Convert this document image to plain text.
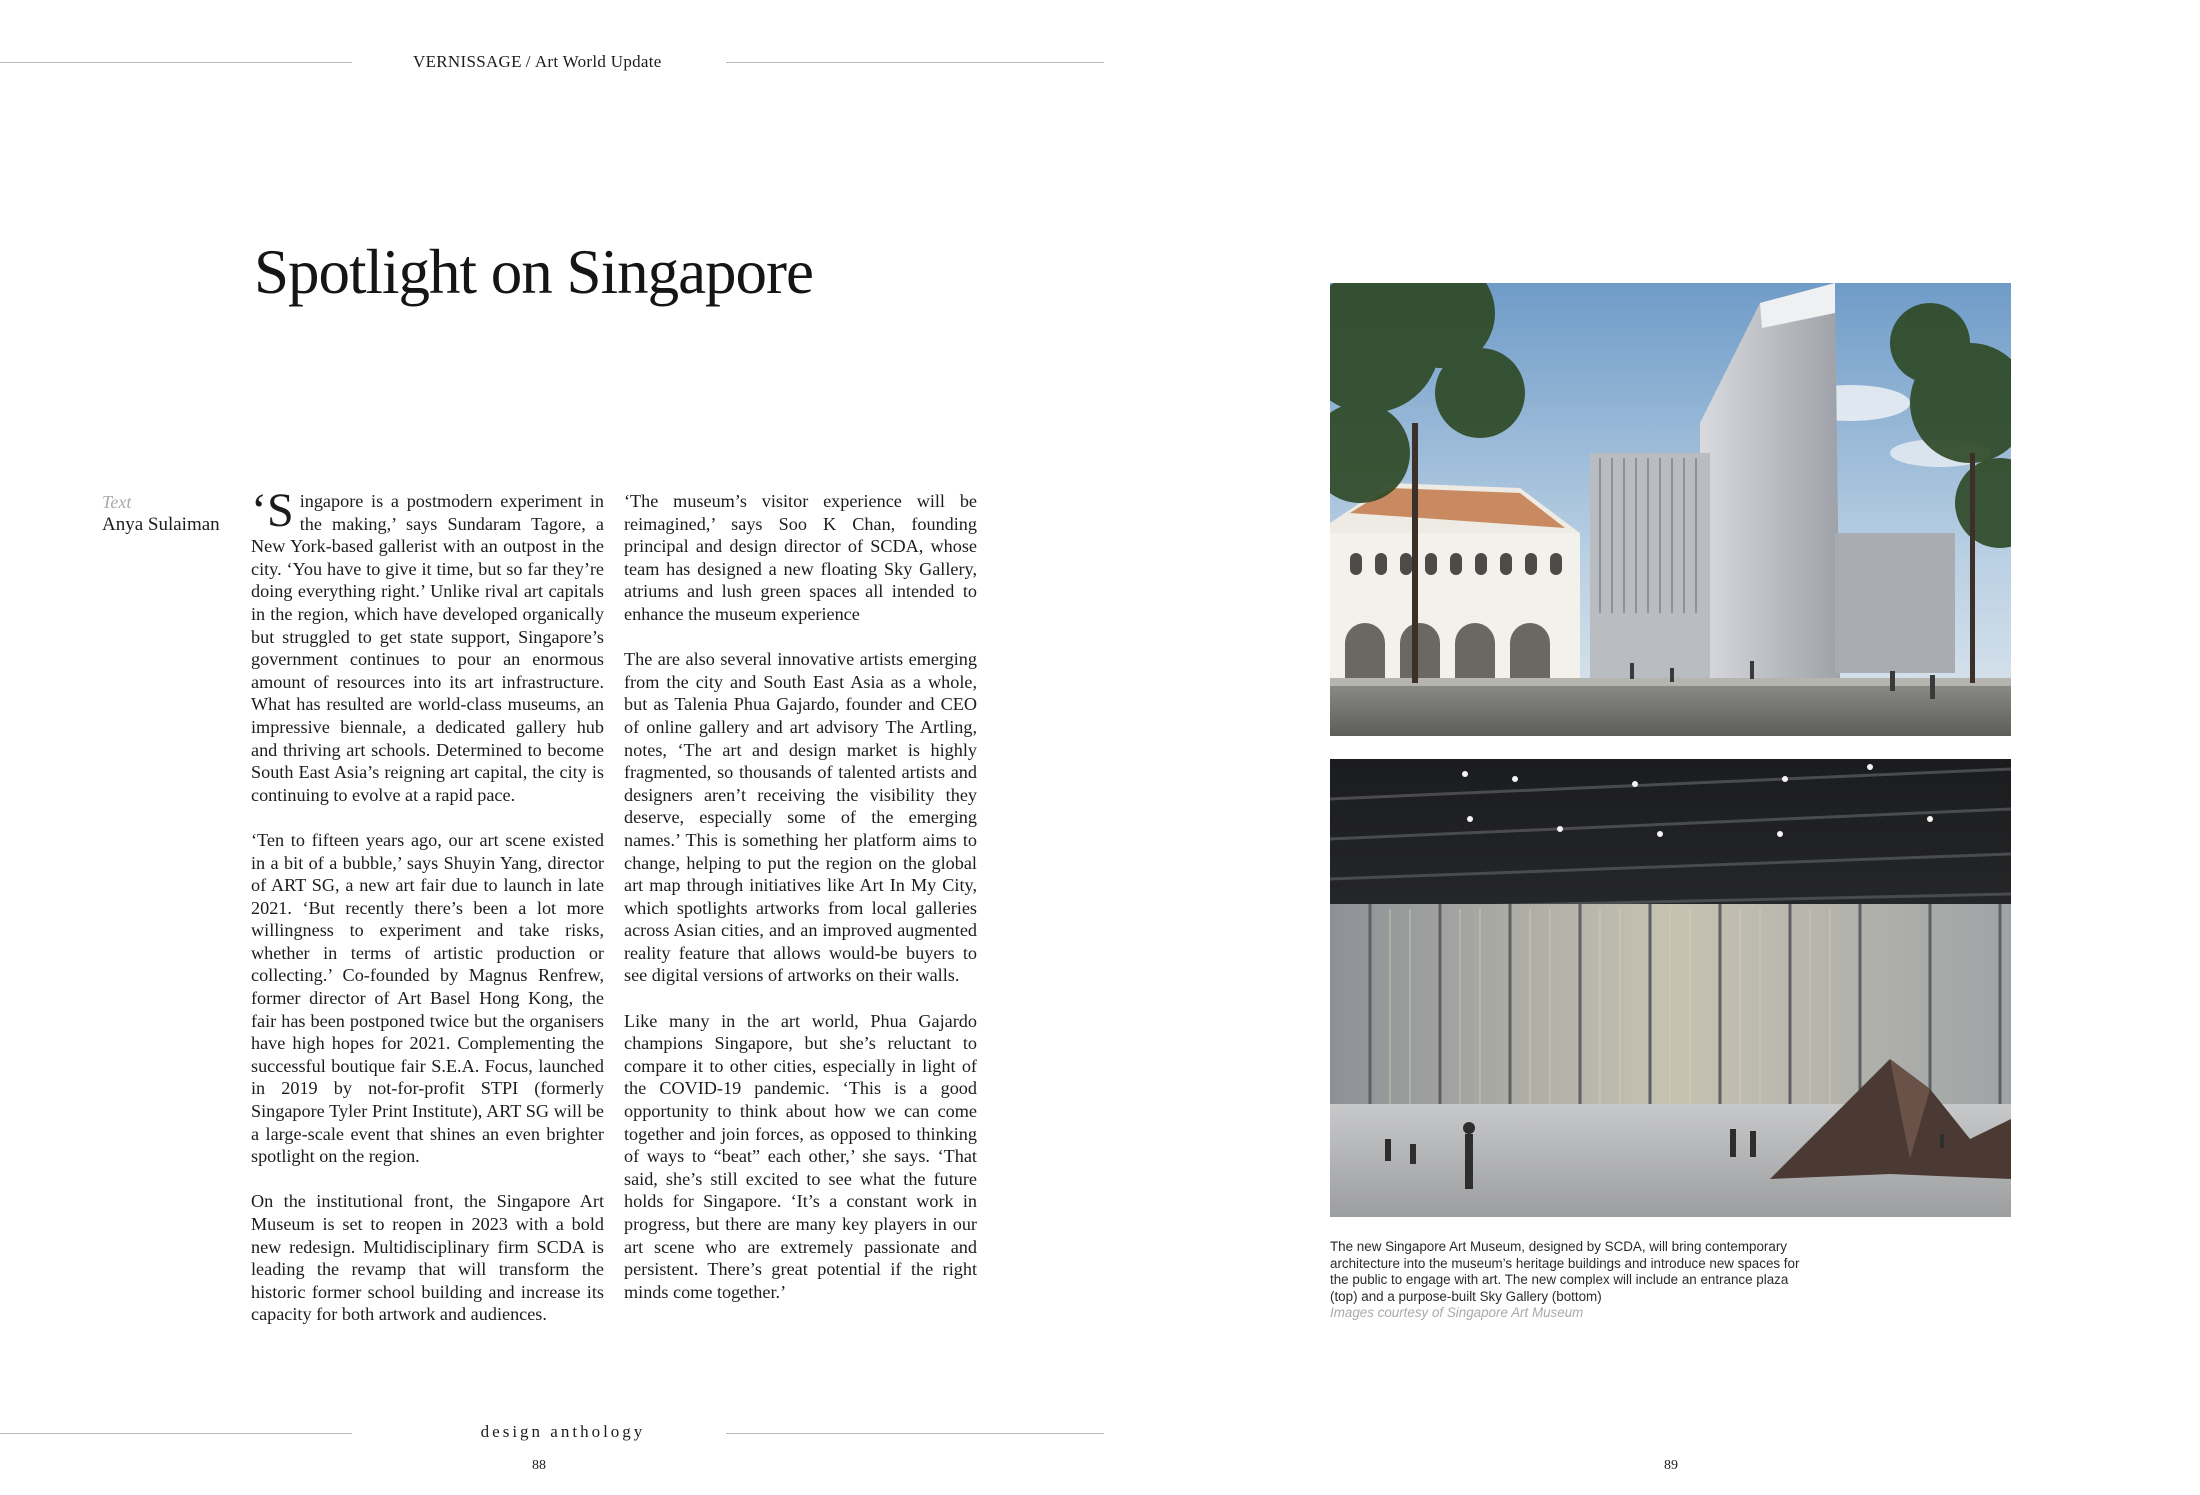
VERNISSAGE / Art World Update
Spotlight on Singapore
Text
Anya Sulaiman ‘Singapore is a postmodern experiment in the making,’ says Sundaram Tagore, a New York-based gallerist with an outpost in the city. ‘You have to give it time, but so far they’re doing everything right.’ Unlike rival art capitals in the region, which have developed organically but struggled to get state support, Singapore’s government continues to pour an enormous amount of resources into its art infrastructure. What has resulted are world-class museums, an impressive biennale, a dedicated gallery hub and thriving art schools. Determined to become South East Asia’s reigning art capital, the city is continuing to evolve at a rapid pace.

‘Ten to fifteen years ago, our art scene existed in a bit of a bubble,’ says Shuyin Yang, director of ART SG, a new art fair due to launch in late 2021. ‘But recently there’s been a lot more willingness to experiment and take risks, whether in terms of artistic production or collecting.’ Co-founded by Magnus Renfrew, former director of Art Basel Hong Kong, the fair has been postponed twice but the organisers have high hopes for 2021. Complementing the successful boutique fair S.E.A. Focus, launched in 2019 by not-for-profit STPI (formerly Singapore Tyler Print Institute), ART SG will be a large-scale event that shines an even brighter spotlight on the region.

On the institutional front, the Singapore Art Museum is set to reopen in 2023 with a bold new redesign. Multidisciplinary firm SCDA is leading the revamp that will transform the historic former school building and increase its capacity for both artwork and audiences.

‘The museum’s visitor experience will be reimagined,’ says Soo K Chan, founding principal and design director of SCDA, whose team has designed a new floating Sky Gallery, atriums and lush green spaces all intended to enhance the museum experience

The are also several innovative artists emerging from the city and South East Asia as a whole, but as Talenia Phua Gajardo, founder and CEO of online gallery and art advisory The Artling, notes, ‘The art and design market is highly fragmented, so thousands of talented artists and designers aren’t receiving the visibility they deserve, especially some of the emerging names.’ This is something her platform aims to change, helping to put the region on the global art map through initiatives like Art In My City, which spotlights artworks from local galleries across Asian cities, and an improved augmented reality feature that allows would-be buyers to see digital versions of artworks on their walls.

Like many in the art world, Phua Gajardo champions Singapore, but she’s reluctant to compare it to other cities, especially in light of the COVID-19 pandemic. ‘This is a good opportunity to think about how we can come together and join forces, as opposed to thinking of ways to “beat” each other,’ she says. ‘That said, she’s still excited to see what the future holds for Singapore. ‘It’s a constant work in progress, but there are many key players in our art scene who are extremely passionate and persistent. There’s great potential if the right minds come together.’

The new Singapore Art Museum, designed by SCDA, will bring contemporary architecture into the museum’s heritage buildings and introduce new spaces for the public to engage with art. The new complex will include an entrance plaza (top) and a purpose-built Sky Gallery (bottom)
Images courtesy of Singapore Art Museum
design anthology
88	89
